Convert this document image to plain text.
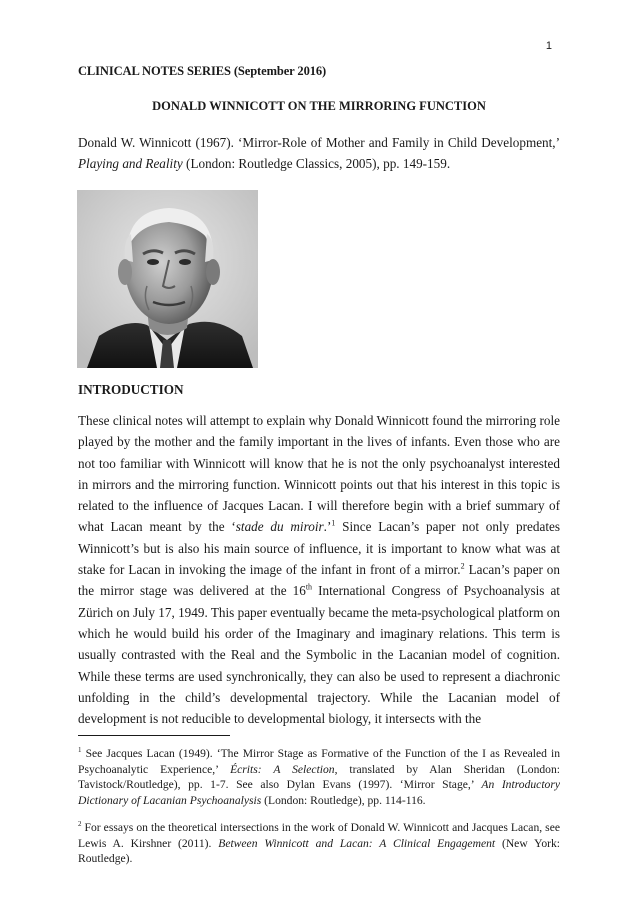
1

CLINICAL NOTES SERIES (September 2016)

DONALD WINNICOTT ON THE MIRRORING FUNCTION

Donald W. Winnicott (1967). ‘Mirror-Role of Mother and Family in Child Development,’ Playing and Reality (London: Routledge Classics, 2005), pp. 149-159.

INTRODUCTION

These clinical notes will attempt to explain why Donald Winnicott found the mirroring role played by the mother and the family important in the lives of infants. Even those who are not too familiar with Winnicott will know that he is not the only psychoanalyst interested in mirrors and the mirroring function. Winnicott points out that his interest in this topic is related to the influence of Jacques Lacan. I will therefore begin with a brief summary of what Lacan meant by the ‘stade du miroir.’$^1$ Since Lacan’s paper not only predates Winnicott’s but is also his main source of influence, it is important to know what was at stake for Lacan in invoking the image of the infant in front of a mirror.$^2$ Lacan’s paper on the mirror stage was delivered at the 16th International Congress of Psychoanalysis at Zürich on July 17, 1949. This paper eventually became the meta-psychological platform on which he would build his order of the Imaginary and imaginary relations. This term is usually contrasted with the Real and the Symbolic in the Lacanian model of cognition. While these terms are used synchronically, they can also be used to represent a diachronic unfolding in the child’s developmental trajectory. While the Lacanian model of development is not reducible to developmental biology, it intersects with the

$^1$ See Jacques Lacan (1949). ‘The Mirror Stage as Formative of the Function of the I as Revealed in Psychoanalytic Experience,’ Écrits: A Selection, translated by Alan Sheridan (London: Tavistock/Routledge), pp. 1-7. See also Dylan Evans (1997). ‘Mirror Stage,’ An Introductory Dictionary of Lacanian Psychoanalysis (London: Routledge), pp. 114-116.

$^2$ For essays on the theoretical intersections in the work of Donald W. Winnicott and Jacques Lacan, see Lewis A. Kirshner (2011). Between Winnicott and Lacan: A Clinical Engagement (New York: Routledge).
